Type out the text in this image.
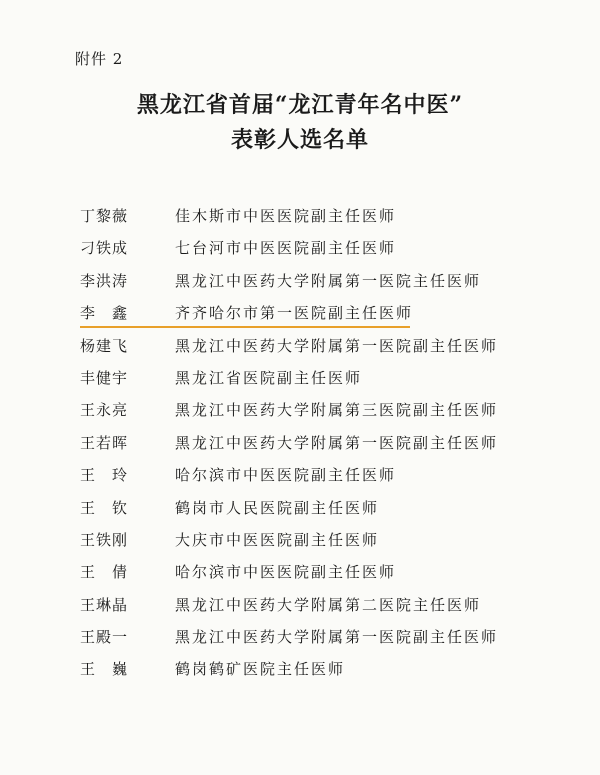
附件 2
黑龙江省首届“龙江青年名中医”
表彰人选名单
丁黎薇	佳木斯市中医医院副主任医师
刁铁成	七台河市中医医院副主任医师
李洪涛	黑龙江中医药大学附属第一医院主任医师
李　鑫	齐齐哈尔市第一医院副主任医师
杨建飞	黑龙江中医药大学附属第一医院副主任医师
丰健宇	黑龙江省医院副主任医师
王永亮	黑龙江中医药大学附属第三医院副主任医师
王若晖	黑龙江中医药大学附属第一医院副主任医师
王　玲	哈尔滨市中医医院副主任医师
王　钦	鹤岗市人民医院副主任医师
王铁刚	大庆市中医医院副主任医师
王　倩	哈尔滨市中医医院副主任医师
王琳晶	黑龙江中医药大学附属第二医院主任医师
王殿一	黑龙江中医药大学附属第一医院副主任医师
王　巍	鹤岗鹤矿医院主任医师
